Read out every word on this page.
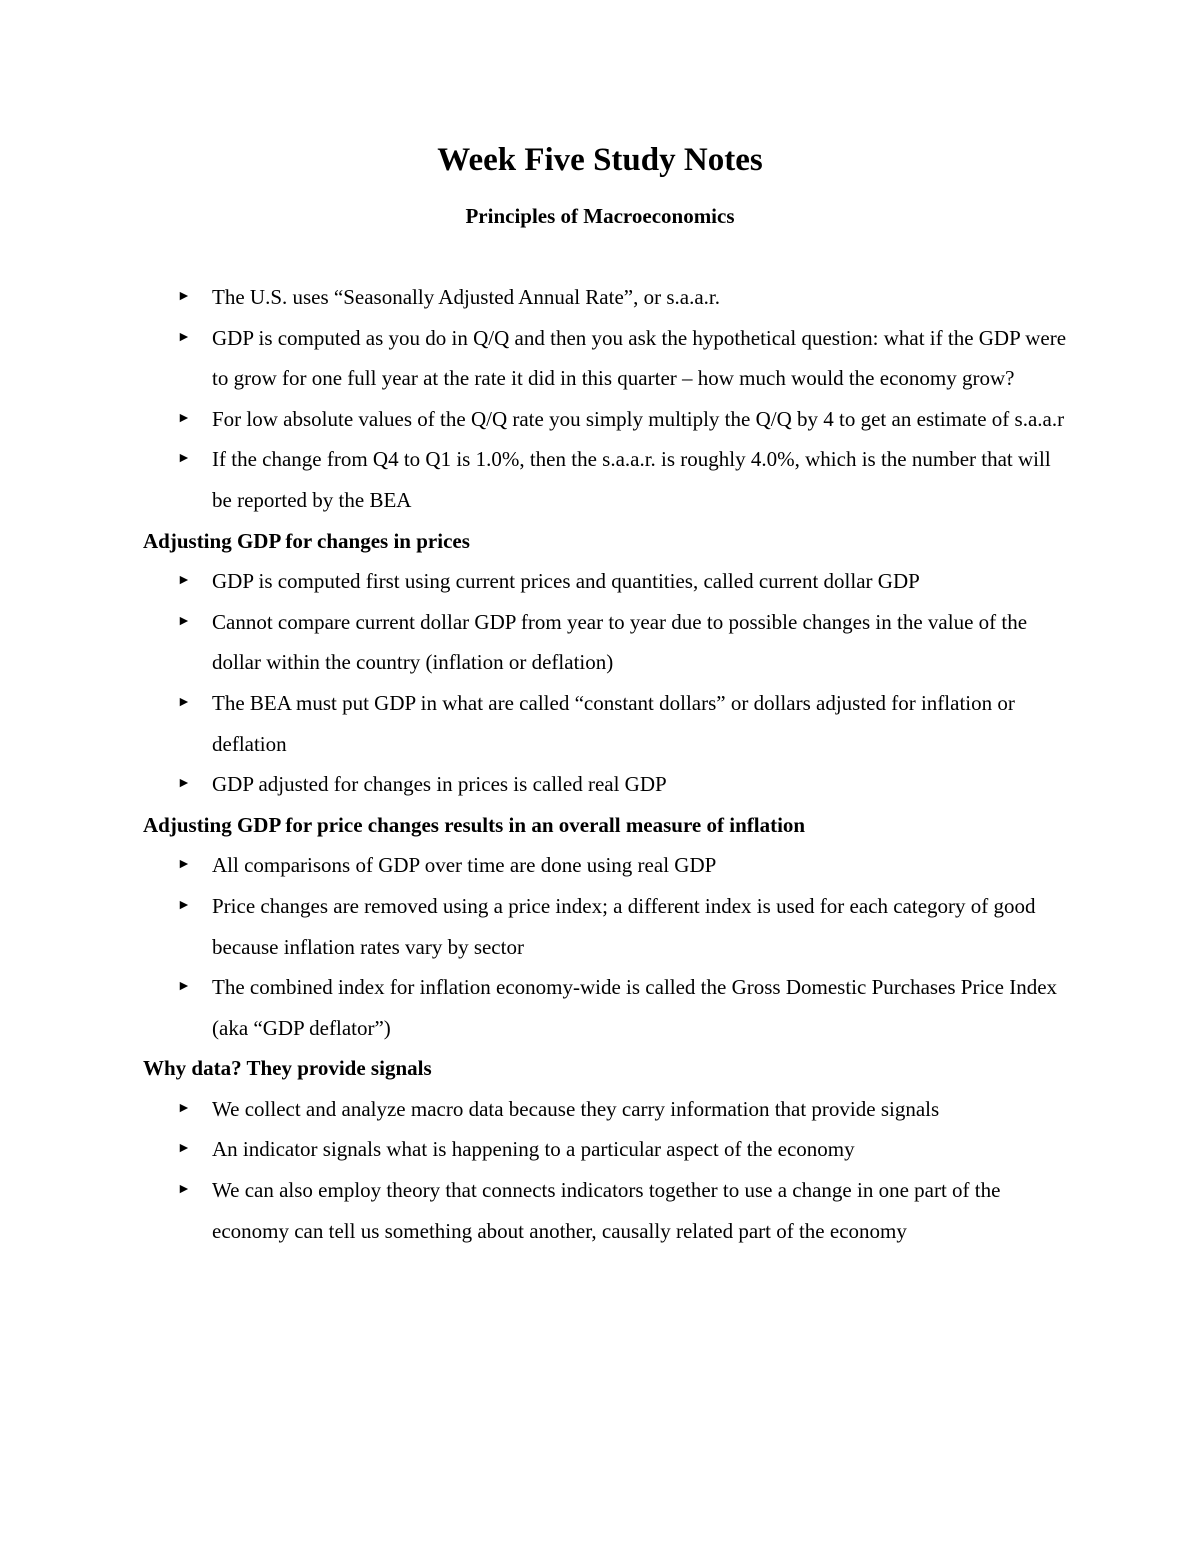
Week Five Study Notes
Principles of Macroeconomics
► The U.S. uses “Seasonally Adjusted Annual Rate”, or s.a.a.r.
► GDP is computed as you do in Q/Q and then you ask the hypothetical question: what if the GDP were to grow for one full year at the rate it did in this quarter – how much would the economy grow?
► For low absolute values of the Q/Q rate you simply multiply the Q/Q by 4 to get an estimate of s.a.a.r
► If the change from Q4 to Q1 is 1.0%, then the s.a.a.r. is roughly 4.0%, which is the number that will be reported by the BEA
Adjusting GDP for changes in prices
► GDP is computed first using current prices and quantities, called current dollar GDP
► Cannot compare current dollar GDP from year to year due to possible changes in the value of the dollar within the country (inflation or deflation)
► The BEA must put GDP in what are called “constant dollars” or dollars adjusted for inflation or deflation
► GDP adjusted for changes in prices is called real GDP
Adjusting GDP for price changes results in an overall measure of inflation
► All comparisons of GDP over time are done using real GDP
► Price changes are removed using a price index; a different index is used for each category of good because inflation rates vary by sector
► The combined index for inflation economy-wide is called the Gross Domestic Purchases Price Index (aka “GDP deflator”)
Why data? They provide signals
► We collect and analyze macro data because they carry information that provide signals
► An indicator signals what is happening to a particular aspect of the economy
► We can also employ theory that connects indicators together to use a change in one part of the economy can tell us something about another, causally related part of the economy
